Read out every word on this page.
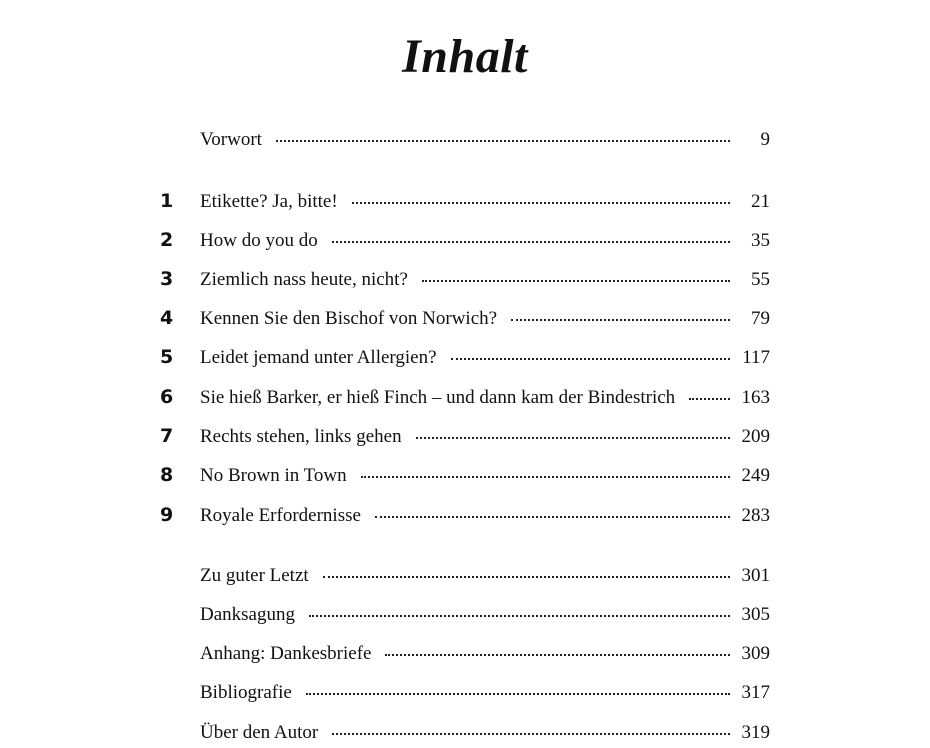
Inhalt
Vorwort	9
1	Etikette? Ja, bitte!	21
2	How do you do	35
3	Ziemlich nass heute, nicht?	55
4	Kennen Sie den Bischof von Norwich?	79
5	Leidet jemand unter Allergien?	117
6	Sie hieß Barker, er hieß Finch – und dann kam der Bindestrich	163
7	Rechts stehen, links gehen	209
8	No Brown in Town	249
9	Royale Erfordernisse	283
Zu guter Letzt	301
Danksagung	305
Anhang: Dankesbriefe	309
Bibliografie	317
Über den Autor	319
